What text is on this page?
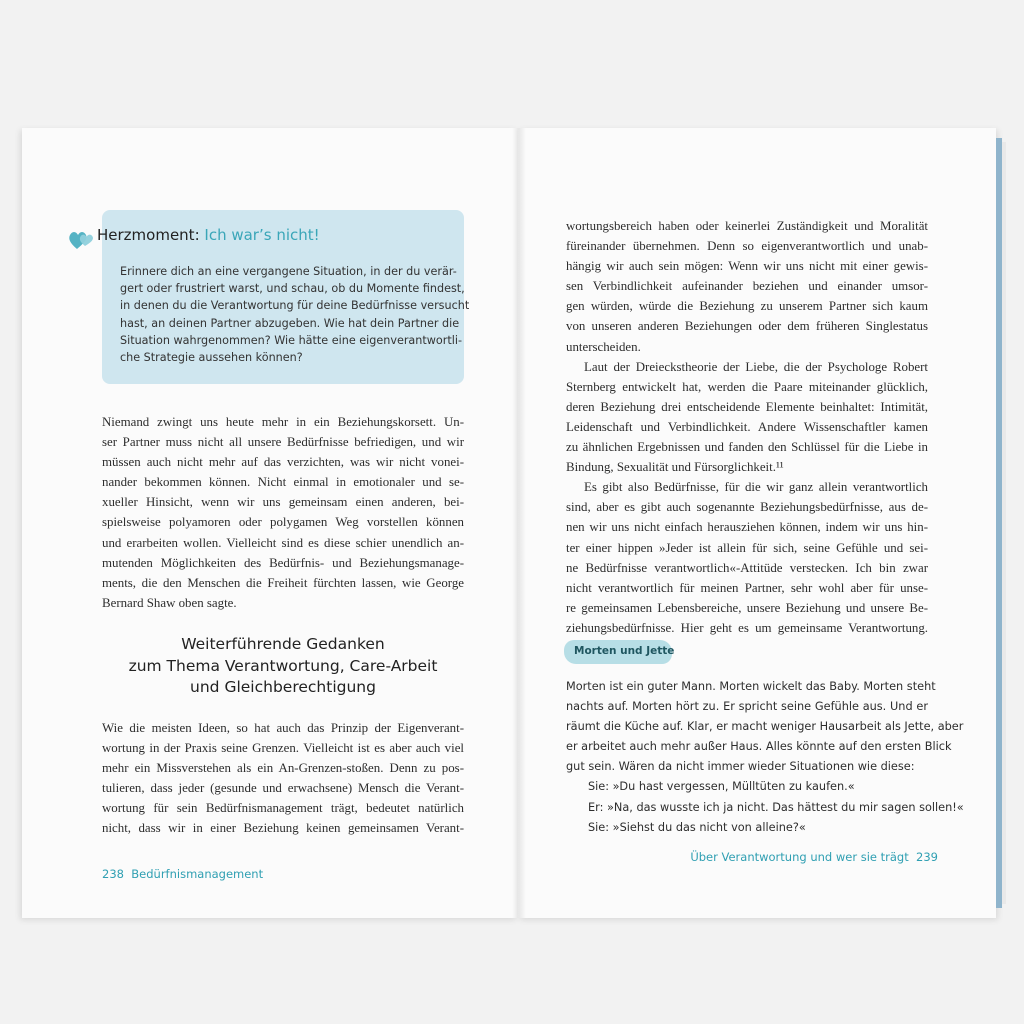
Herzmoment: Ich war’s nicht!
Erinnere dich an eine vergangene Situation, in der du verär-
gert oder frustriert warst, und schau, ob du Momente findest,
in denen du die Verantwortung für deine Bedürfnisse versucht
hast, an deinen Partner abzugeben. Wie hat dein Partner die
Situation wahrgenommen? Wie hätte eine eigenverantwortli-
che Strategie aussehen können?
Niemand zwingt uns heute mehr in ein Beziehungskorsett. Un-
ser Partner muss nicht all unsere Bedürfnisse befriedigen, und wir
müssen auch nicht mehr auf das verzichten, was wir nicht vonei-
nander bekommen können. Nicht einmal in emotionaler und se-
xueller Hinsicht, wenn wir uns gemeinsam einen anderen, bei-
spielsweise polyamoren oder polygamen Weg vorstellen können
und erarbeiten wollen. Vielleicht sind es diese schier unendlich an-
mutenden Möglichkeiten des Bedürfnis- und Beziehungsmanage-
ments, die den Menschen die Freiheit fürchten lassen, wie George
Bernard Shaw oben sagte.
Weiterführende Gedanken
zum Thema Verantwortung, Care-Arbeit
und Gleichberechtigung
Wie die meisten Ideen, so hat auch das Prinzip der Eigenverant-
wortung in der Praxis seine Grenzen. Vielleicht ist es aber auch viel
mehr ein Missverstehen als ein An-Grenzen-stoßen. Denn zu pos-
tulieren, dass jeder (gesunde und erwachsene) Mensch die Verant-
wortung für sein Bedürfnismanagement trägt, bedeutet natürlich
nicht, dass wir in einer Beziehung keinen gemeinsamen Verant-
238 Bedürfnismanagement
wortungsbereich haben oder keinerlei Zuständigkeit und Moralität
füreinander übernehmen. Denn so eigenverantwortlich und unab-
hängig wir auch sein mögen: Wenn wir uns nicht mit einer gewis-
sen Verbindlichkeit aufeinander beziehen und einander umsor-
gen würden, würde die Beziehung zu unserem Partner sich kaum
von unseren anderen Beziehungen oder dem früheren Singlestatus
unterscheiden.
Laut der Dreieckstheorie der Liebe, die der Psychologe Robert
Sternberg entwickelt hat, werden die Paare miteinander glücklich,
deren Beziehung drei entscheidende Elemente beinhaltet: Intimität,
Leidenschaft und Verbindlichkeit. Andere Wissenschaftler kamen
zu ähnlichen Ergebnissen und fanden den Schlüssel für die Liebe in
Bindung, Sexualität und Fürsorglichkeit.¹¹
Es gibt also Bedürfnisse, für die wir ganz allein verantwortlich
sind, aber es gibt auch sogenannte Beziehungsbedürfnisse, aus de-
nen wir uns nicht einfach herausziehen können, indem wir uns hin-
ter einer hippen »Jeder ist allein für sich, seine Gefühle und sei-
ne Bedürfnisse verantwortlich«-Attitüde verstecken. Ich bin zwar
nicht verantwortlich für meinen Partner, sehr wohl aber für unse-
re gemeinsamen Lebensbereiche, unsere Beziehung und unsere Be-
ziehungsbedürfnisse. Hier geht es um gemeinsame Verantwortung.
Morten und Jette
Morten ist ein guter Mann. Morten wickelt das Baby. Morten steht
nachts auf. Morten hört zu. Er spricht seine Gefühle aus. Und er
räumt die Küche auf. Klar, er macht weniger Hausarbeit als Jette, aber
er arbeitet auch mehr außer Haus. Alles könnte auf den ersten Blick
gut sein. Wären da nicht immer wieder Situationen wie diese:
Sie: »Du hast vergessen, Mülltüten zu kaufen.«
Er: »Na, das wusste ich ja nicht. Das hättest du mir sagen sollen!«
Sie: »Siehst du das nicht von alleine?«
Über Verantwortung und wer sie trägt 239
